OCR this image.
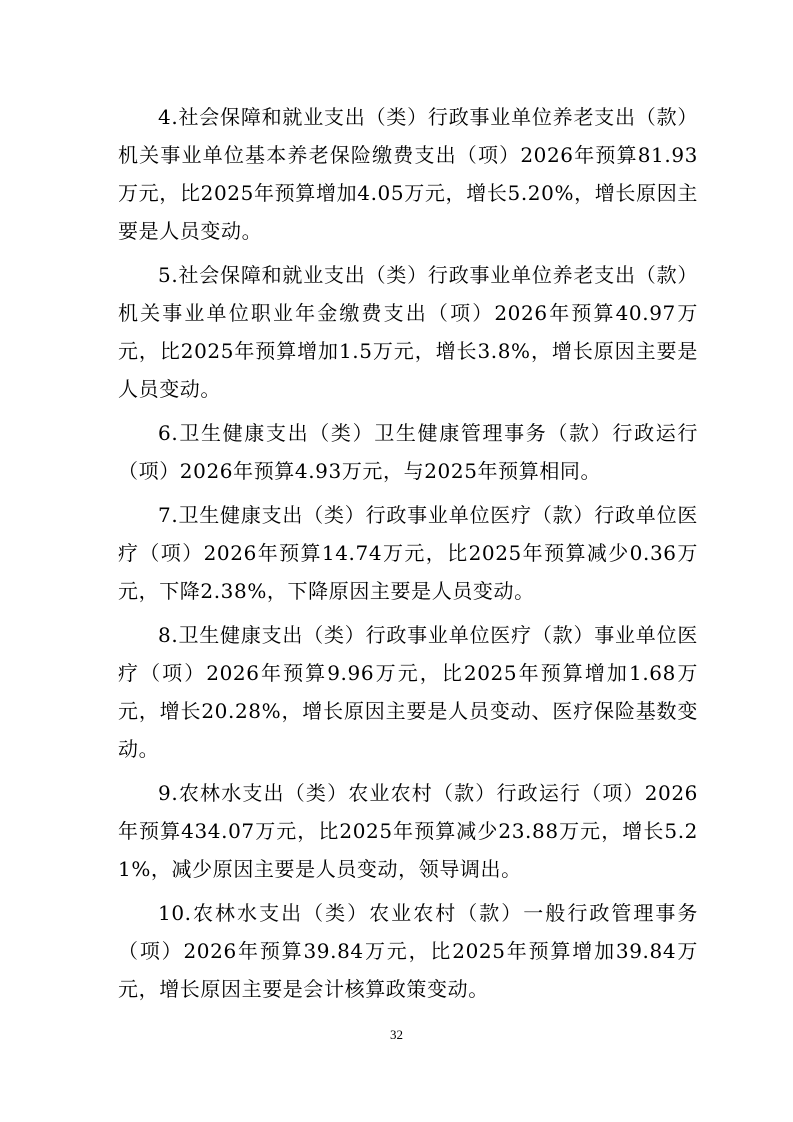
4.社会保障和就业支出（类）行政事业单位养老支出（款）机关事业单位基本养老保险缴费支出（项）2026年预算81.93万元，比2025年预算增加4.05万元，增长5.20%，增长原因主要是人员变动。

5.社会保障和就业支出（类）行政事业单位养老支出（款）机关事业单位职业年金缴费支出（项）2026年预算40.97万元，比2025年预算增加1.5万元，增长3.8%，增长原因主要是人员变动。

6.卫生健康支出（类）卫生健康管理事务（款）行政运行（项）2026年预算4.93万元，与2025年预算相同。

7.卫生健康支出（类）行政事业单位医疗（款）行政单位医疗（项）2026年预算14.74万元，比2025年预算减少0.36万元，下降2.38%，下降原因主要是人员变动。

8.卫生健康支出（类）行政事业单位医疗（款）事业单位医疗（项）2026年预算9.96万元，比2025年预算增加1.68万元，增长20.28%，增长原因主要是人员变动、医疗保险基数变动。

9.农林水支出（类）农业农村（款）行政运行（项）2026年预算434.07万元，比2025年预算减少23.88万元，增长5.21%，减少原因主要是人员变动，领导调出。

10.农林水支出（类）农业农村（款）一般行政管理事务（项）2026年预算39.84万元，比2025年预算增加39.84万元，增长原因主要是会计核算政策变动。

32
